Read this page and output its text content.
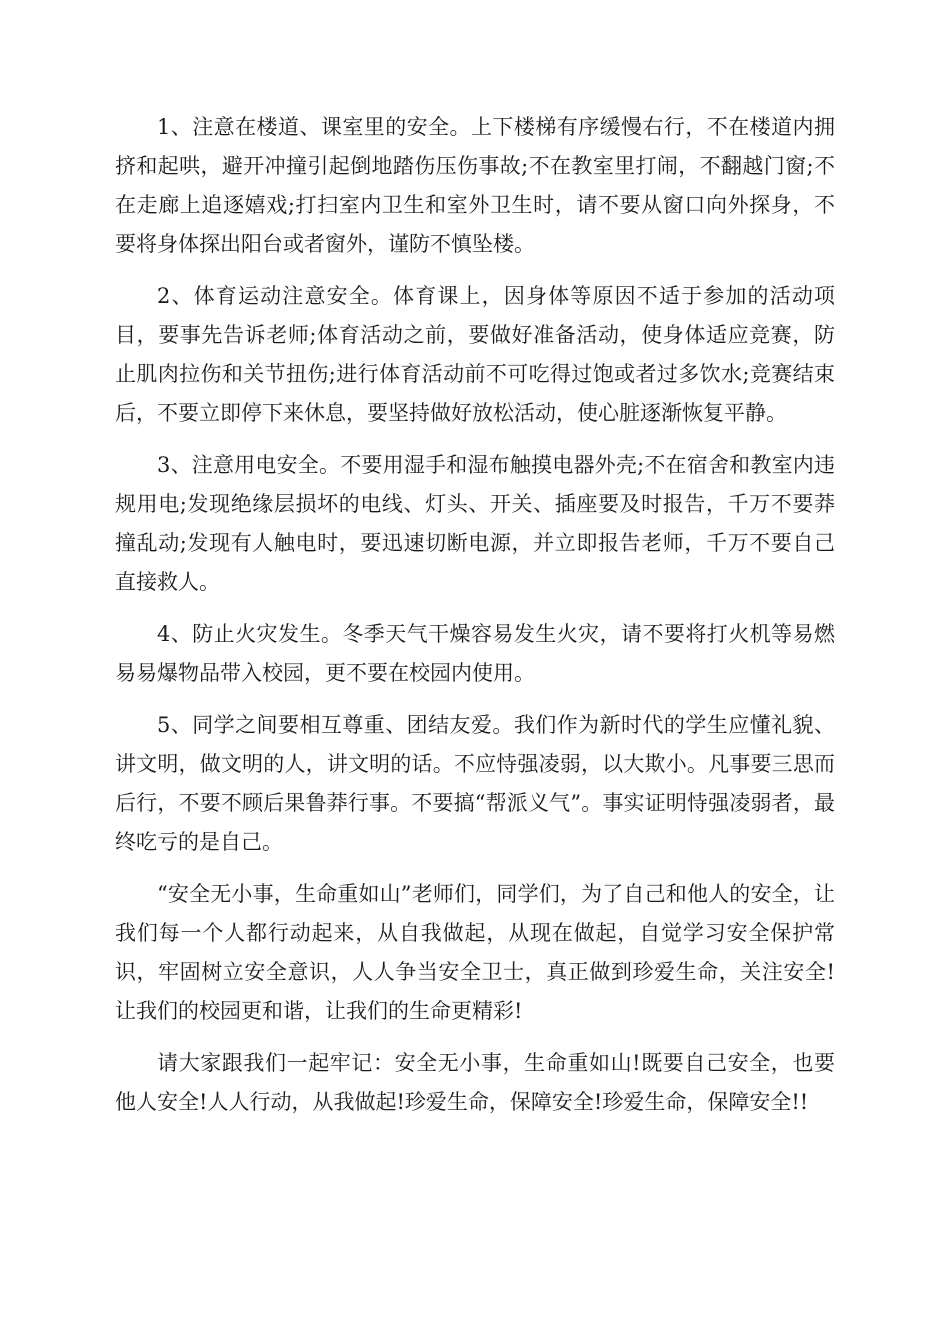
1、注意在楼道、课室里的安全。上下楼梯有序缓慢右行，不在楼道内拥挤和起哄，避开冲撞引起倒地踏伤压伤事故;不在教室里打闹，不翻越门窗;不在走廊上追逐嬉戏;打扫室内卫生和室外卫生时，请不要从窗口向外探身，不要将身体探出阳台或者窗外，谨防不慎坠楼。

2、体育运动注意安全。体育课上，因身体等原因不适于参加的活动项目，要事先告诉老师;体育活动之前，要做好准备活动，使身体适应竞赛，防止肌肉拉伤和关节扭伤;进行体育活动前不可吃得过饱或者过多饮水;竞赛结束后，不要立即停下来休息，要坚持做好放松活动，使心脏逐渐恢复平静。

3、注意用电安全。不要用湿手和湿布触摸电器外壳;不在宿舍和教室内违规用电;发现绝缘层损坏的电线、灯头、开关、插座要及时报告，千万不要莽撞乱动;发现有人触电时，要迅速切断电源，并立即报告老师，千万不要自己直接救人。

4、防止火灾发生。冬季天气干燥容易发生火灾，请不要将打火机等易燃易易爆物品带入校园，更不要在校园内使用。

5、同学之间要相互尊重、团结友爱。我们作为新时代的学生应懂礼貌、讲文明，做文明的人，讲文明的话。不应恃强凌弱，以大欺小。凡事要三思而后行，不要不顾后果鲁莽行事。不要搞“帮派义气”。事实证明恃强凌弱者，最终吃亏的是自己。

“安全无小事，生命重如山”老师们，同学们，为了自己和他人的安全，让我们每一个人都行动起来，从自我做起，从现在做起，自觉学习安全保护常识，牢固树立安全意识，人人争当安全卫士，真正做到珍爱生命，关注安全!让我们的校园更和谐，让我们的生命更精彩!

请大家跟我们一起牢记：安全无小事，生命重如山!既要自己安全，也要他人安全!人人行动，从我做起!珍爱生命，保障安全!珍爱生命，保障安全!!
